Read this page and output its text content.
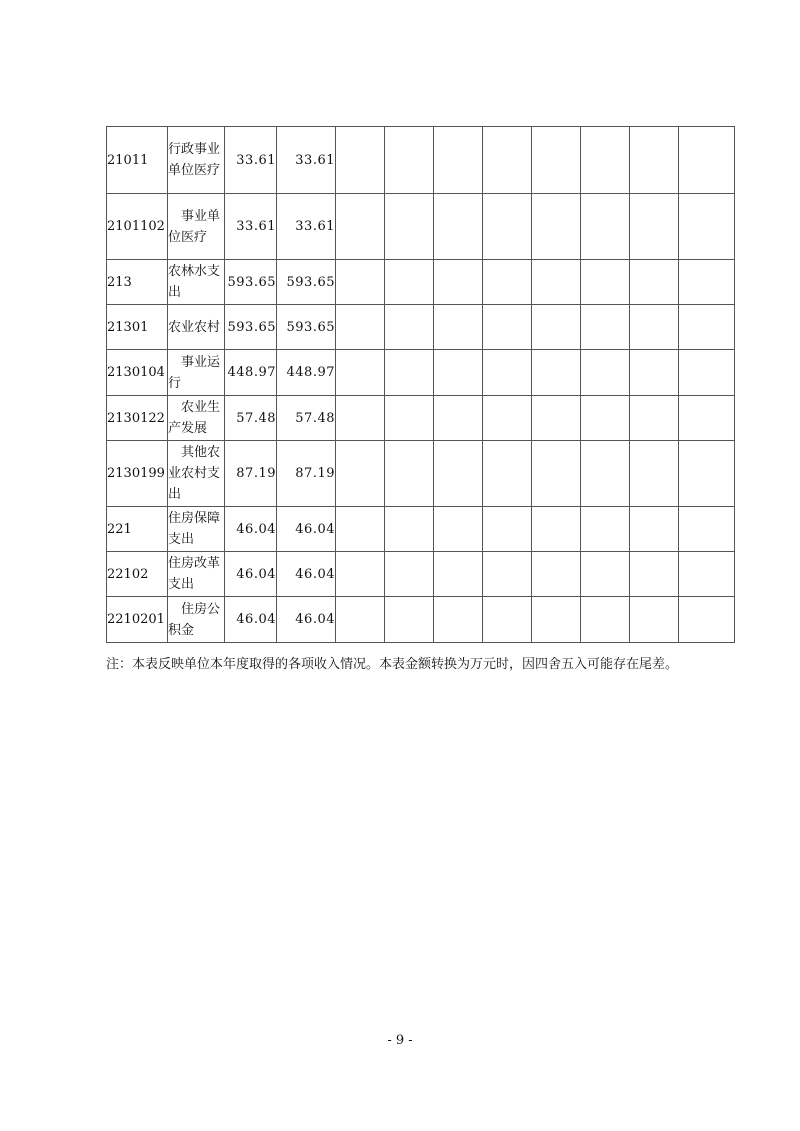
21011	行政事业单位医疗	33.61	33.61								
2101102	事业单位医疗	33.61	33.61								
213	农林水支出	593.65	593.65								
21301	农业农村	593.65	593.65								
2130104	事业运行	448.97	448.97								
2130122	农业生产发展	57.48	57.48								
2130199	其他农业农村支出	87.19	87.19								
221	住房保障支出	46.04	46.04								
22102	住房改革支出	46.04	46.04								
2210201	住房公积金	46.04	46.04								
注：本表反映单位本年度取得的各项收入情况。本表金额转换为万元时，因四舍五入可能存在尾差。
- 9 -
